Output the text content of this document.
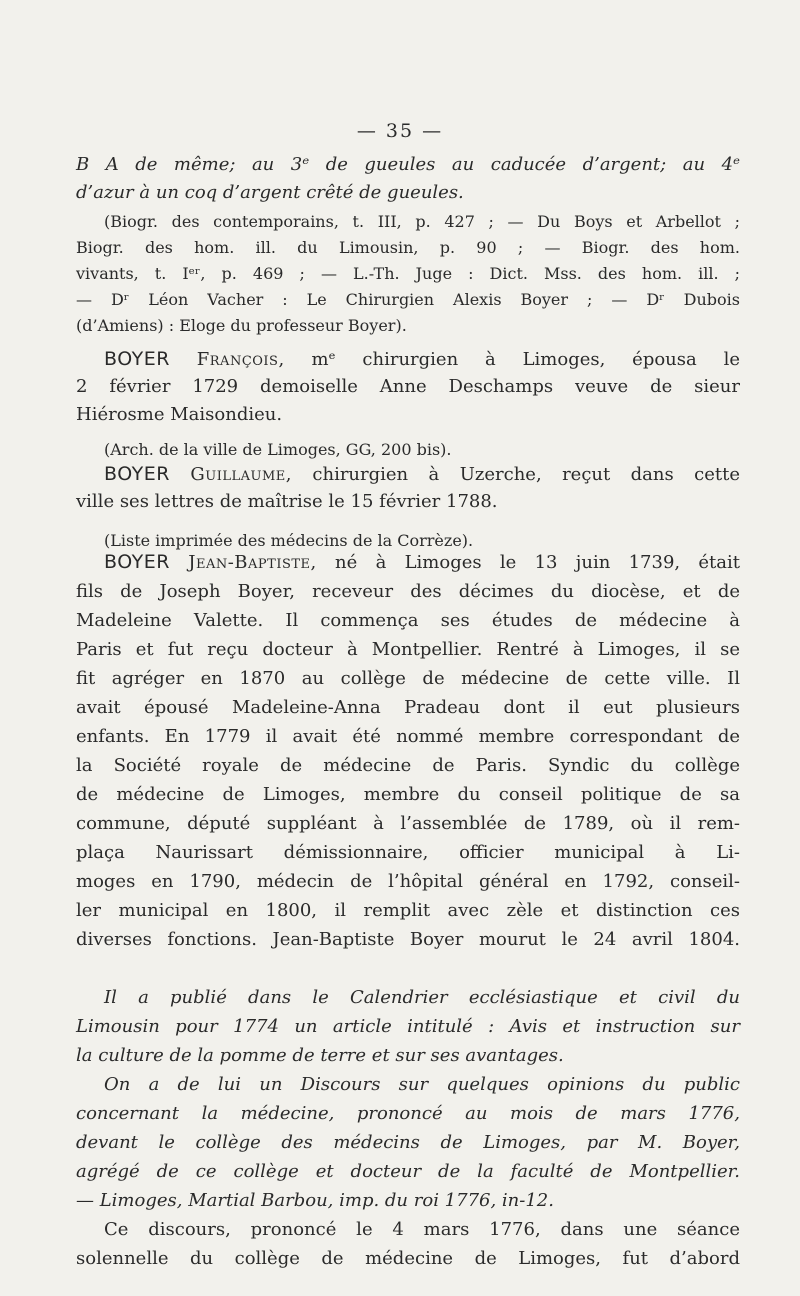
— 35 —
B A de même; au 3ᵉ de gueules au caducée d’argent; au 4ᵉ
d’azur à un coq d’argent crêté de gueules.
(Biogr. des contemporains, t. III, p. 427 ; — Du Boys et Arbellot ;
Biogr. des hom. ill. du Limousin, p. 90 ; — Biogr. des hom.
vivants, t. Iᵉʳ, p. 469 ; — L.-Th. Juge : Dict. Mss. des hom. ill. ;
— Dʳ Léon Vacher : Le Chirurgien Alexis Boyer ; — Dʳ Dubois
(d’Amiens) : Eloge du professeur Boyer).
BOYER François, mᵉ chirurgien à Limoges, épousa le
2 février 1729 demoiselle Anne Deschamps veuve de sieur
Hiérosme Maisondieu.
(Arch. de la ville de Limoges, GG, 200 bis).
BOYER Guillaume, chirurgien à Uzerche, reçut dans cette
ville ses lettres de maîtrise le 15 février 1788.
(Liste imprimée des médecins de la Corrèze).
BOYER Jean-Baptiste, né à Limoges le 13 juin 1739, était
fils de Joseph Boyer, receveur des décimes du diocèse, et de
Madeleine Valette. Il commença ses études de médecine à
Paris et fut reçu docteur à Montpellier. Rentré à Limoges, il se
fit agréger en 1870 au collège de médecine de cette ville. Il
avait épousé Madeleine-Anna Pradeau dont il eut plusieurs
enfants. En 1779 il avait été nommé membre correspondant de
la Société royale de médecine de Paris. Syndic du collège
de médecine de Limoges, membre du conseil politique de sa
commune, député suppléant à l’assemblée de 1789, où il rem-
plaça Naurissart démissionnaire, officier municipal à Li-
moges en 1790, médecin de l’hôpital général en 1792, conseil-
ler municipal en 1800, il remplit avec zèle et distinction ces
diverses fonctions. Jean-Baptiste Boyer mourut le 24 avril 1804.
Il a publié dans le Calendrier ecclésiastique et civil du
Limousin pour 1774 un article intitulé : Avis et instruction sur
la culture de la pomme de terre et sur ses avantages.
On a de lui un Discours sur quelques opinions du public
concernant la médecine, prononcé au mois de mars 1776,
devant le collège des médecins de Limoges, par M. Boyer,
agrégé de ce collège et docteur de la faculté de Montpellier.
— Limoges, Martial Barbou, imp. du roi 1776, in-12.
Ce discours, prononcé le 4 mars 1776, dans une séance
solennelle du collège de médecine de Limoges, fut d’abord
